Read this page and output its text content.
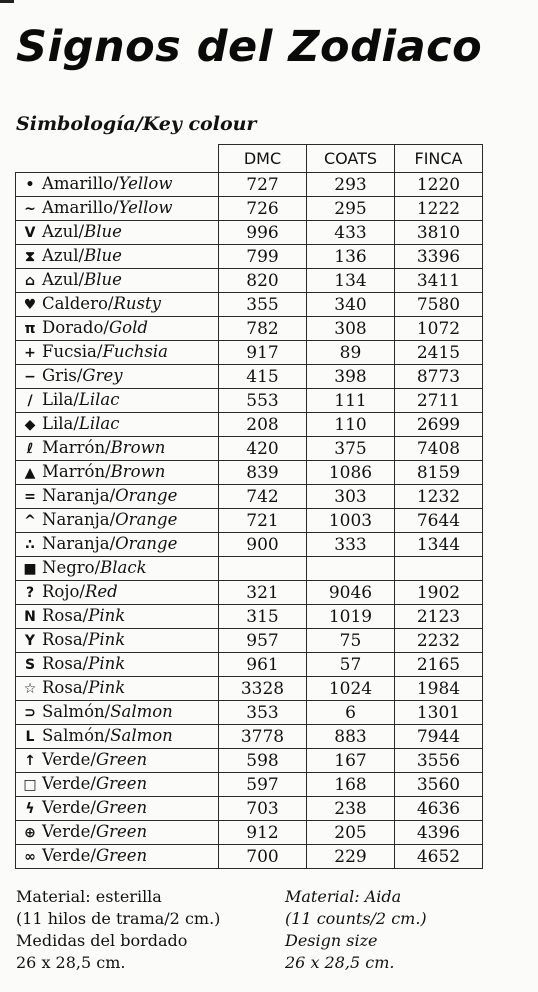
Signos del Zodiaco
Simbología/Key colour
	DMC	COATS	FINCA
• Amarillo/Yellow	727	293	1220
~ Amarillo/Yellow	726	295	1222
V Azul/Blue	996	433	3810
⧗ Azul/Blue	799	136	3396
⌂ Azul/Blue	820	134	3411
♥ Caldero/Rusty	355	340	7580
π Dorado/Gold	782	308	1072
+ Fucsia/Fuchsia	917	89	2415
− Gris/Grey	415	398	8773
/ Lila/Lilac	553	111	2711
◆ Lila/Lilac	208	110	2699
ℓ Marrón/Brown	420	375	7408
▲ Marrón/Brown	839	1086	8159
= Naranja/Orange	742	303	1232
^ Naranja/Orange	721	1003	7644
∴ Naranja/Orange	900	333	1344
■ Negro/Black			
? Rojo/Red	321	9046	1902
N Rosa/Pink	315	1019	2123
Y Rosa/Pink	957	75	2232
S Rosa/Pink	961	57	2165
☆ Rosa/Pink	3328	1024	1984
⊃ Salmón/Salmon	353	6	1301
L Salmón/Salmon	3778	883	7944
↑ Verde/Green	598	167	3556
□ Verde/Green	597	168	3560
ϟ Verde/Green	703	238	4636
⊕ Verde/Green	912	205	4396
∞ Verde/Green	700	229	4652
Material: esterilla
(11 hilos de trama/2 cm.)
Medidas del bordado
26 x 28,5 cm.
Material: Aida
(11 counts/2 cm.)
Design size
26 x 28,5 cm.
